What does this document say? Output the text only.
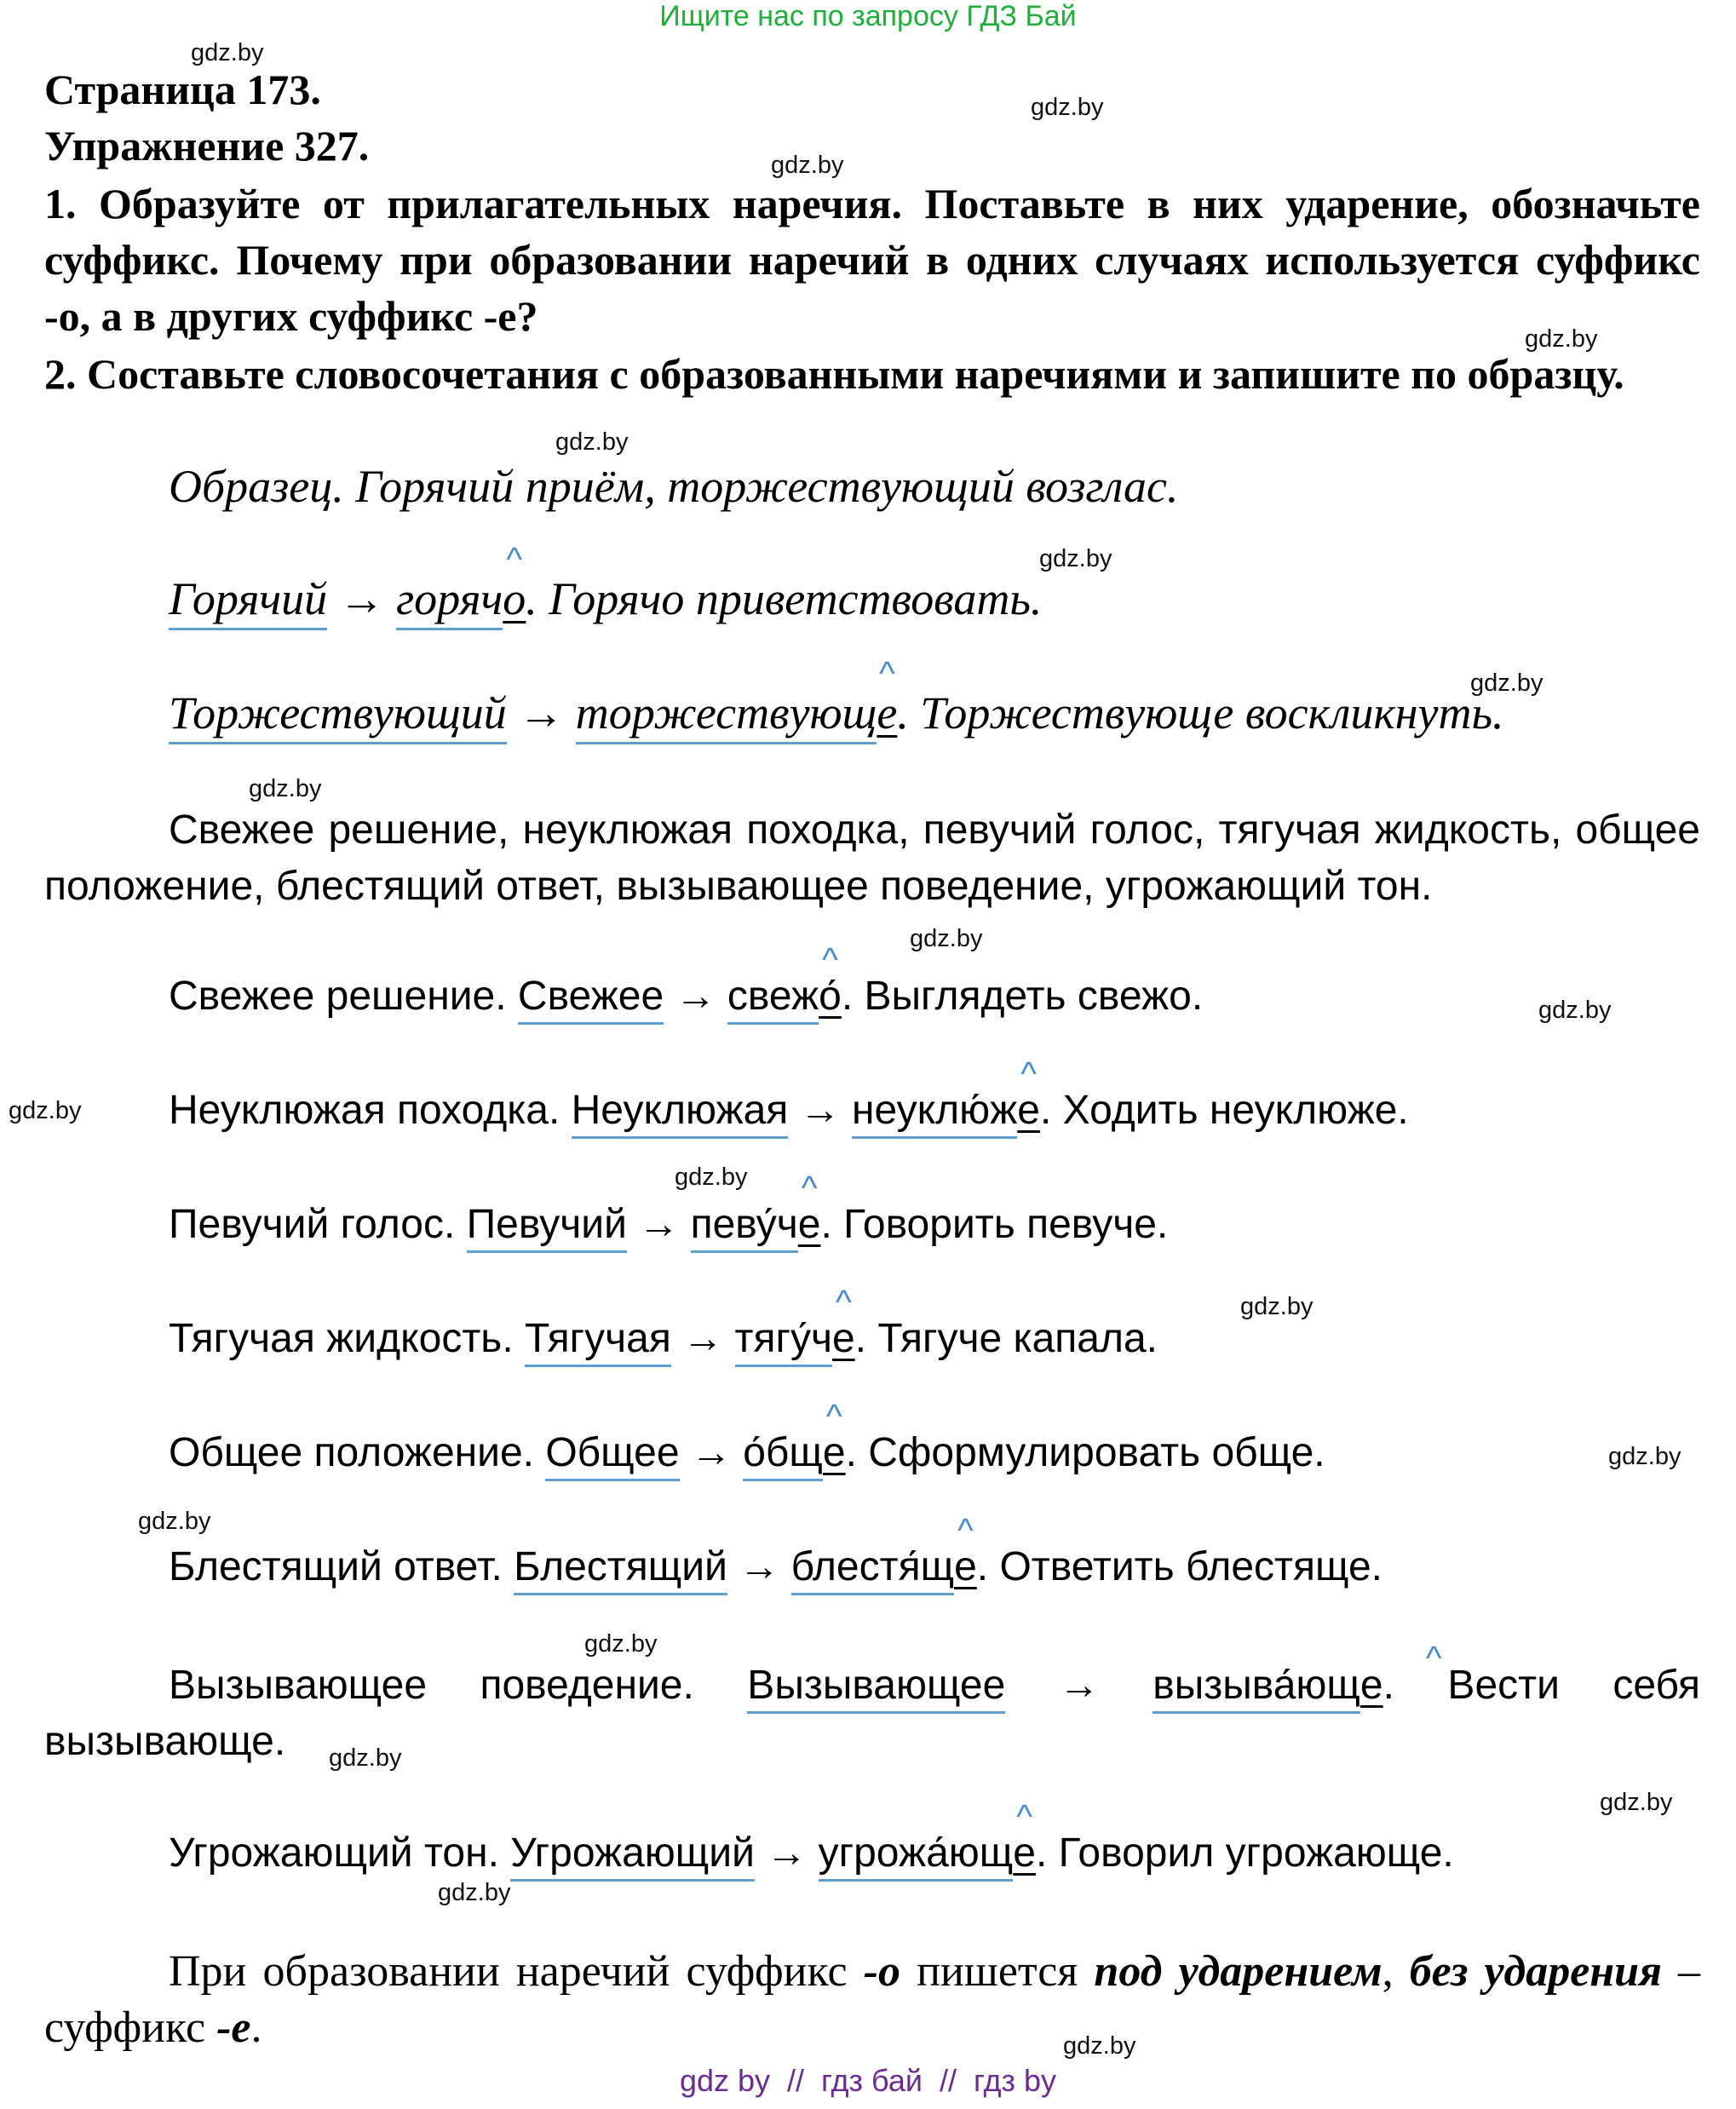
Ищите нас по запросу ГДЗ Бай
gdz.by
gdz.by
gdz.by
gdz.by
gdz.by
gdz.by
gdz.by
gdz.by
gdz.by
gdz.by
gdz.by
gdz.by
gdz.by
gdz.by
gdz.by
gdz.by
gdz.by
gdz.by
gdz.by
gdz.by
Страница 173.
Упражнение 327.
1. Образуйте от прилагательных наречия. Поставьте в них ударение, обозначьте суффикс. Почему при образовании наречий в одних случаях используется суффикс -о, а в других суффикс -е?
2. Составьте словосочетания с образованными наречиями и запишите по образцу.
Образец. Горячий приём, торжествующий возглас.
Горячий → горяч^ о. Горячо приветствовать.
Торжествующий → торжествующ^ е. Торжествующе воскликнуть.
Свежее решение, неуклюжая походка, певучий голос, тягучая жидкость, общее положение, блестящий ответ, вызывающее поведение, угрожающий тон.
Свежее решение. Свежее → свеж^ о́. Выглядеть свежо.
Неуклюжая походка. Неуклюжая → неуклю́ж^ е. Ходить неуклюже.
Певучий голос. Певучий → певу́ч^ е. Говорить певуче.
Тягучая жидкость. Тягучая → тягу́ч^ е. Тягуче капала.
Общее положение. Общее → о́бщ^ е. Сформулировать обще.
Блестящий ответ. Блестящий → блестя́щ^ е. Ответить блестяще.
Вызывающее поведение. Вызывающее → вызыва́ющ^ е. Вести себя вызывающе.
Угрожающий тон. Угрожающий → угрожа́ющ^ е. Говорил угрожающе.
При образовании наречий суффикс -о пишется под ударением, без ударения – суффикс -е.
gdz by  //  гдз бай  //  гдз by
